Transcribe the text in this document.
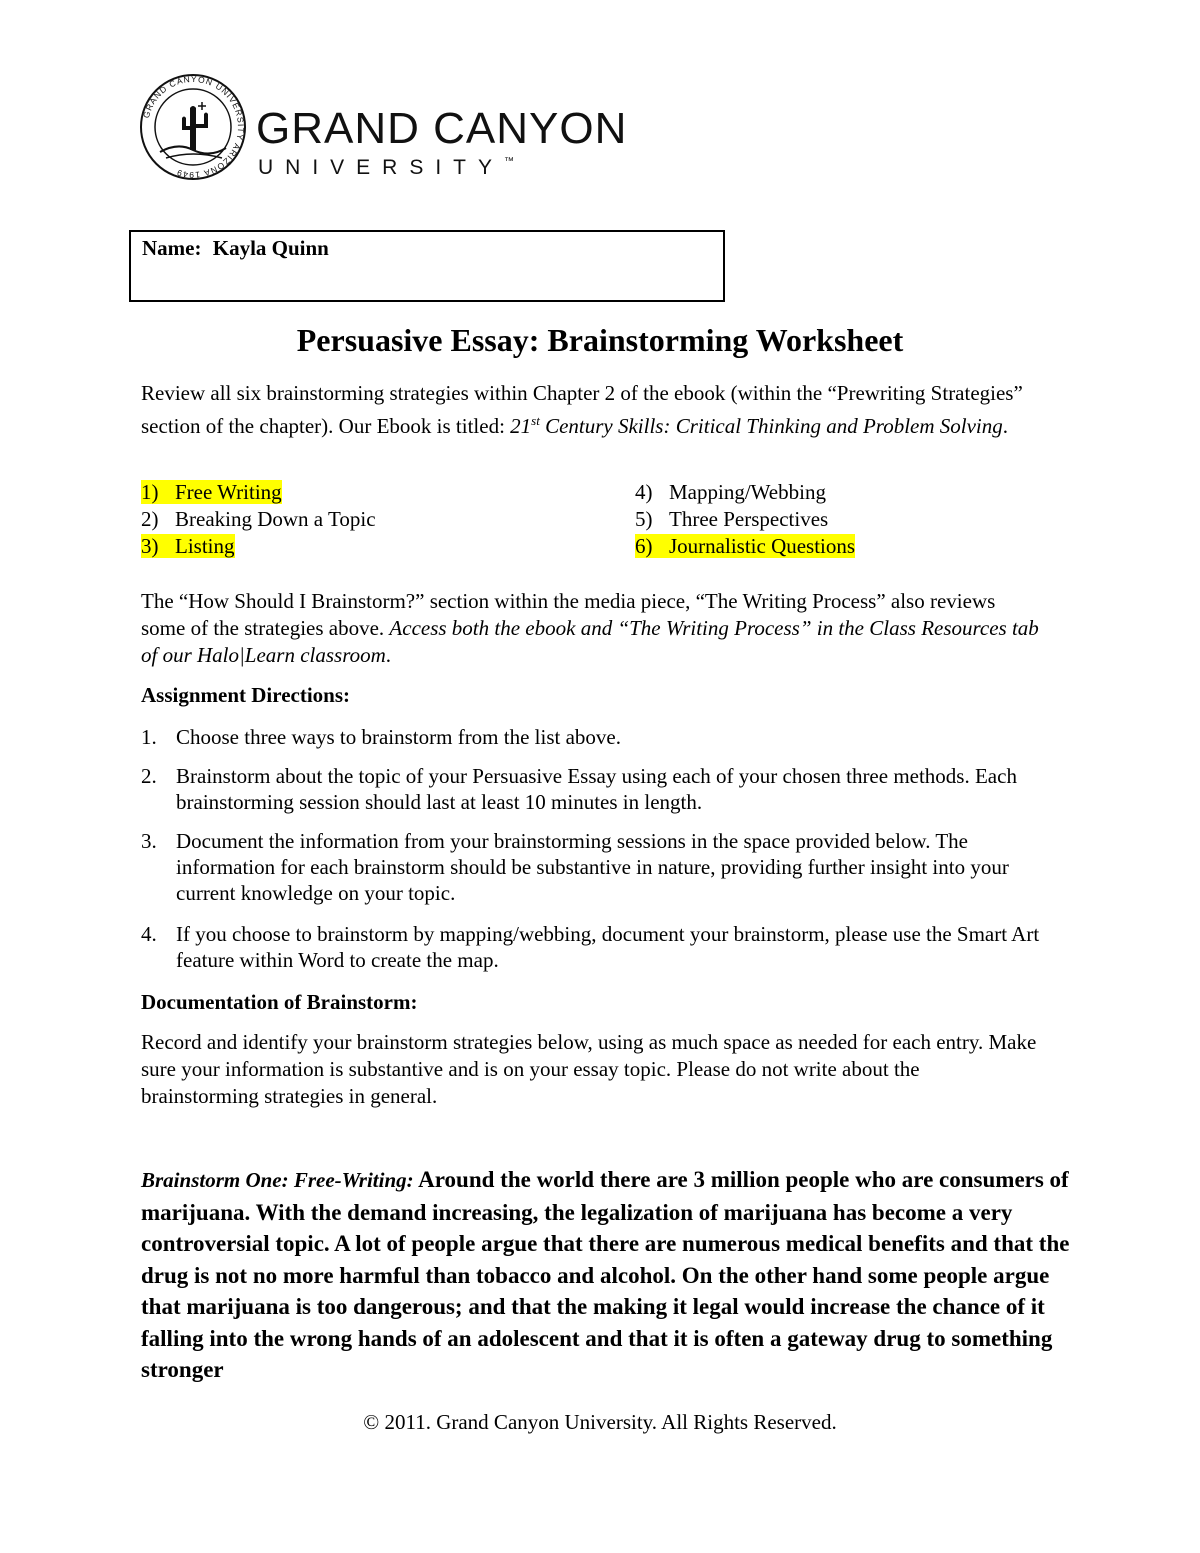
GRAND CANYON UNIVERSITY ARIZONA 1949
GRAND CANYON
UNIVERSITY™
Name: Kayla Quinn
Persuasive Essay: Brainstorming Worksheet
Review all six brainstorming strategies within Chapter 2 of the ebook (within the “Prewriting Strategies” section of the chapter). Our Ebook is titled: 21st Century Skills: Critical Thinking and Problem Solving.
1) Free Writing
2) Breaking Down a Topic
3) Listing
4) Mapping/Webbing
5) Three Perspectives
6) Journalistic Questions
The “How Should I Brainstorm?” section within the media piece, “The Writing Process” also reviews some of the strategies above. Access both the ebook and “The Writing Process” in the Class Resources tab of our Halo|Learn classroom.
Assignment Directions:
1. Choose three ways to brainstorm from the list above.
2. Brainstorm about the topic of your Persuasive Essay using each of your chosen three methods. Each brainstorming session should last at least 10 minutes in length.
3. Document the information from your brainstorming sessions in the space provided below. The information for each brainstorm should be substantive in nature, providing further insight into your current knowledge on your topic.
4. If you choose to brainstorm by mapping/webbing, document your brainstorm, please use the Smart Art feature within Word to create the map.
Documentation of Brainstorm:
Record and identify your brainstorm strategies below, using as much space as needed for each entry. Make sure your information is substantive and is on your essay topic. Please do not write about the brainstorming strategies in general.
Brainstorm One: Free-Writing: Around the world there are 3 million people who are consumers of marijuana. With the demand increasing, the legalization of marijuana has become a very controversial topic. A lot of people argue that there are numerous medical benefits and that the drug is not no more harmful than tobacco and alcohol. On the other hand some people argue that marijuana is too dangerous; and that the making it legal would increase the chance of it falling into the wrong hands of an adolescent and that it is often a gateway drug to something stronger
© 2011. Grand Canyon University. All Rights Reserved.
